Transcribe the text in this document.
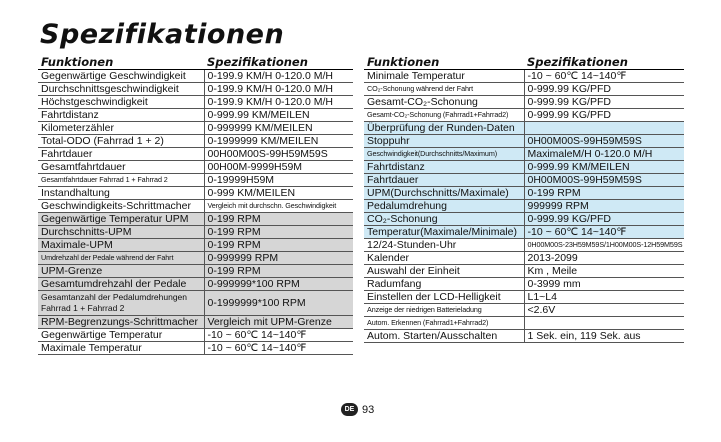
Spezifikationen
Funktionen	Spezifikationen
Gegenwärtige Geschwindigkeit	0-199.9 KM/H 0-120.0 M/H
Durchschnittsgeschwindigkeit	0-199.9 KM/H 0-120.0 M/H
Höchstgeschwindigkeit	0-199.9 KM/H 0-120.0 M/H
Fahrtdistanz	0-999.99 KM/MEILEN
Kilometerzähler	0-999999 KM/MEILEN
Total-ODO (Fahrrad 1 + 2)	0-1999999 KM/MEILEN
Fahrtdauer	00H00M00S-99H59M59S
Gesamtfahrtdauer	00H00M-9999H59M
Gesamtfahrtdauer Fahrrad 1 + Fahrrad 2	0-19999H59M
Instandhaltung	0-999 KM/MEILEN
Geschwindigkeits-Schrittmacher	Vergleich mit durchschn. Geschwindigkeit
Gegenwärtige Temperatur UPM	0-199 RPM
Durchschnitts-UPM	0-199 RPM
Maximale-UPM	0-199 RPM
Umdrehzahl der Pedale während der Fahrt	0-999999 RPM
UPM-Grenze	0-199 RPM
Gesamtumdrehzahl der Pedale	0-999999*100 RPM
Gesamtanzahl der Pedalumdrehungen Fahrrad 1 + Fahrrad 2	0-1999999*100 RPM
RPM-Begrenzungs-Schrittmacher	Vergleich mit UPM-Grenze
Gegenwärtige Temperatur	-10 ~ 60℃ 14~140℉
Maximale Temperatur	-10 ~ 60℃ 14~140℉
Funktionen	Spezifikationen
Minimale Temperatur	-10 ~ 60℃ 14~140℉
CO₂-Schonung während der Fahrt	0-999.99 KG/PFD
Gesamt-CO₂-Schonung	0-999.99 KG/PFD
Gesamt-CO₂-Schonung (Fahrrad1+Fahrrad2)	0-999.99 KG/PFD
Überprüfung der Runden-Daten	
Stoppuhr	0H00M00S-99H59M59S
Geschwindigkeit(Durchschnitts/Maximum)	MaximaleM/H 0-120.0 M/H
Fahrtdistanz	0-999.99 KM/MEILEN
Fahrtdauer	0H00M00S-99H59M59S
UPM(Durchschnitts/Maximale)	0-199 RPM
Pedalumdrehung	999999 RPM
CO₂-Schonung	0-999.99 KG/PFD
Temperatur(Maximale/Minimale)	-10 ~ 60℃ 14~140℉
12/24-Stunden-Uhr	0H00M00S-23H59M59S/1H00M00S-12H59M59S
Kalender	2013-2099
Auswahl der Einheit	Km , Meile
Radumfang	0-3999 mm
Einstellen der LCD-Helligkeit	L1~L4
Anzeige der niedrigen Batterieladung	<2.6V
Autom. Erkennen (Fahrrad1+Fahrrad2)	
Autom. Starten/Ausschalten	1 Sek. ein, 119 Sek. aus
DE 93
